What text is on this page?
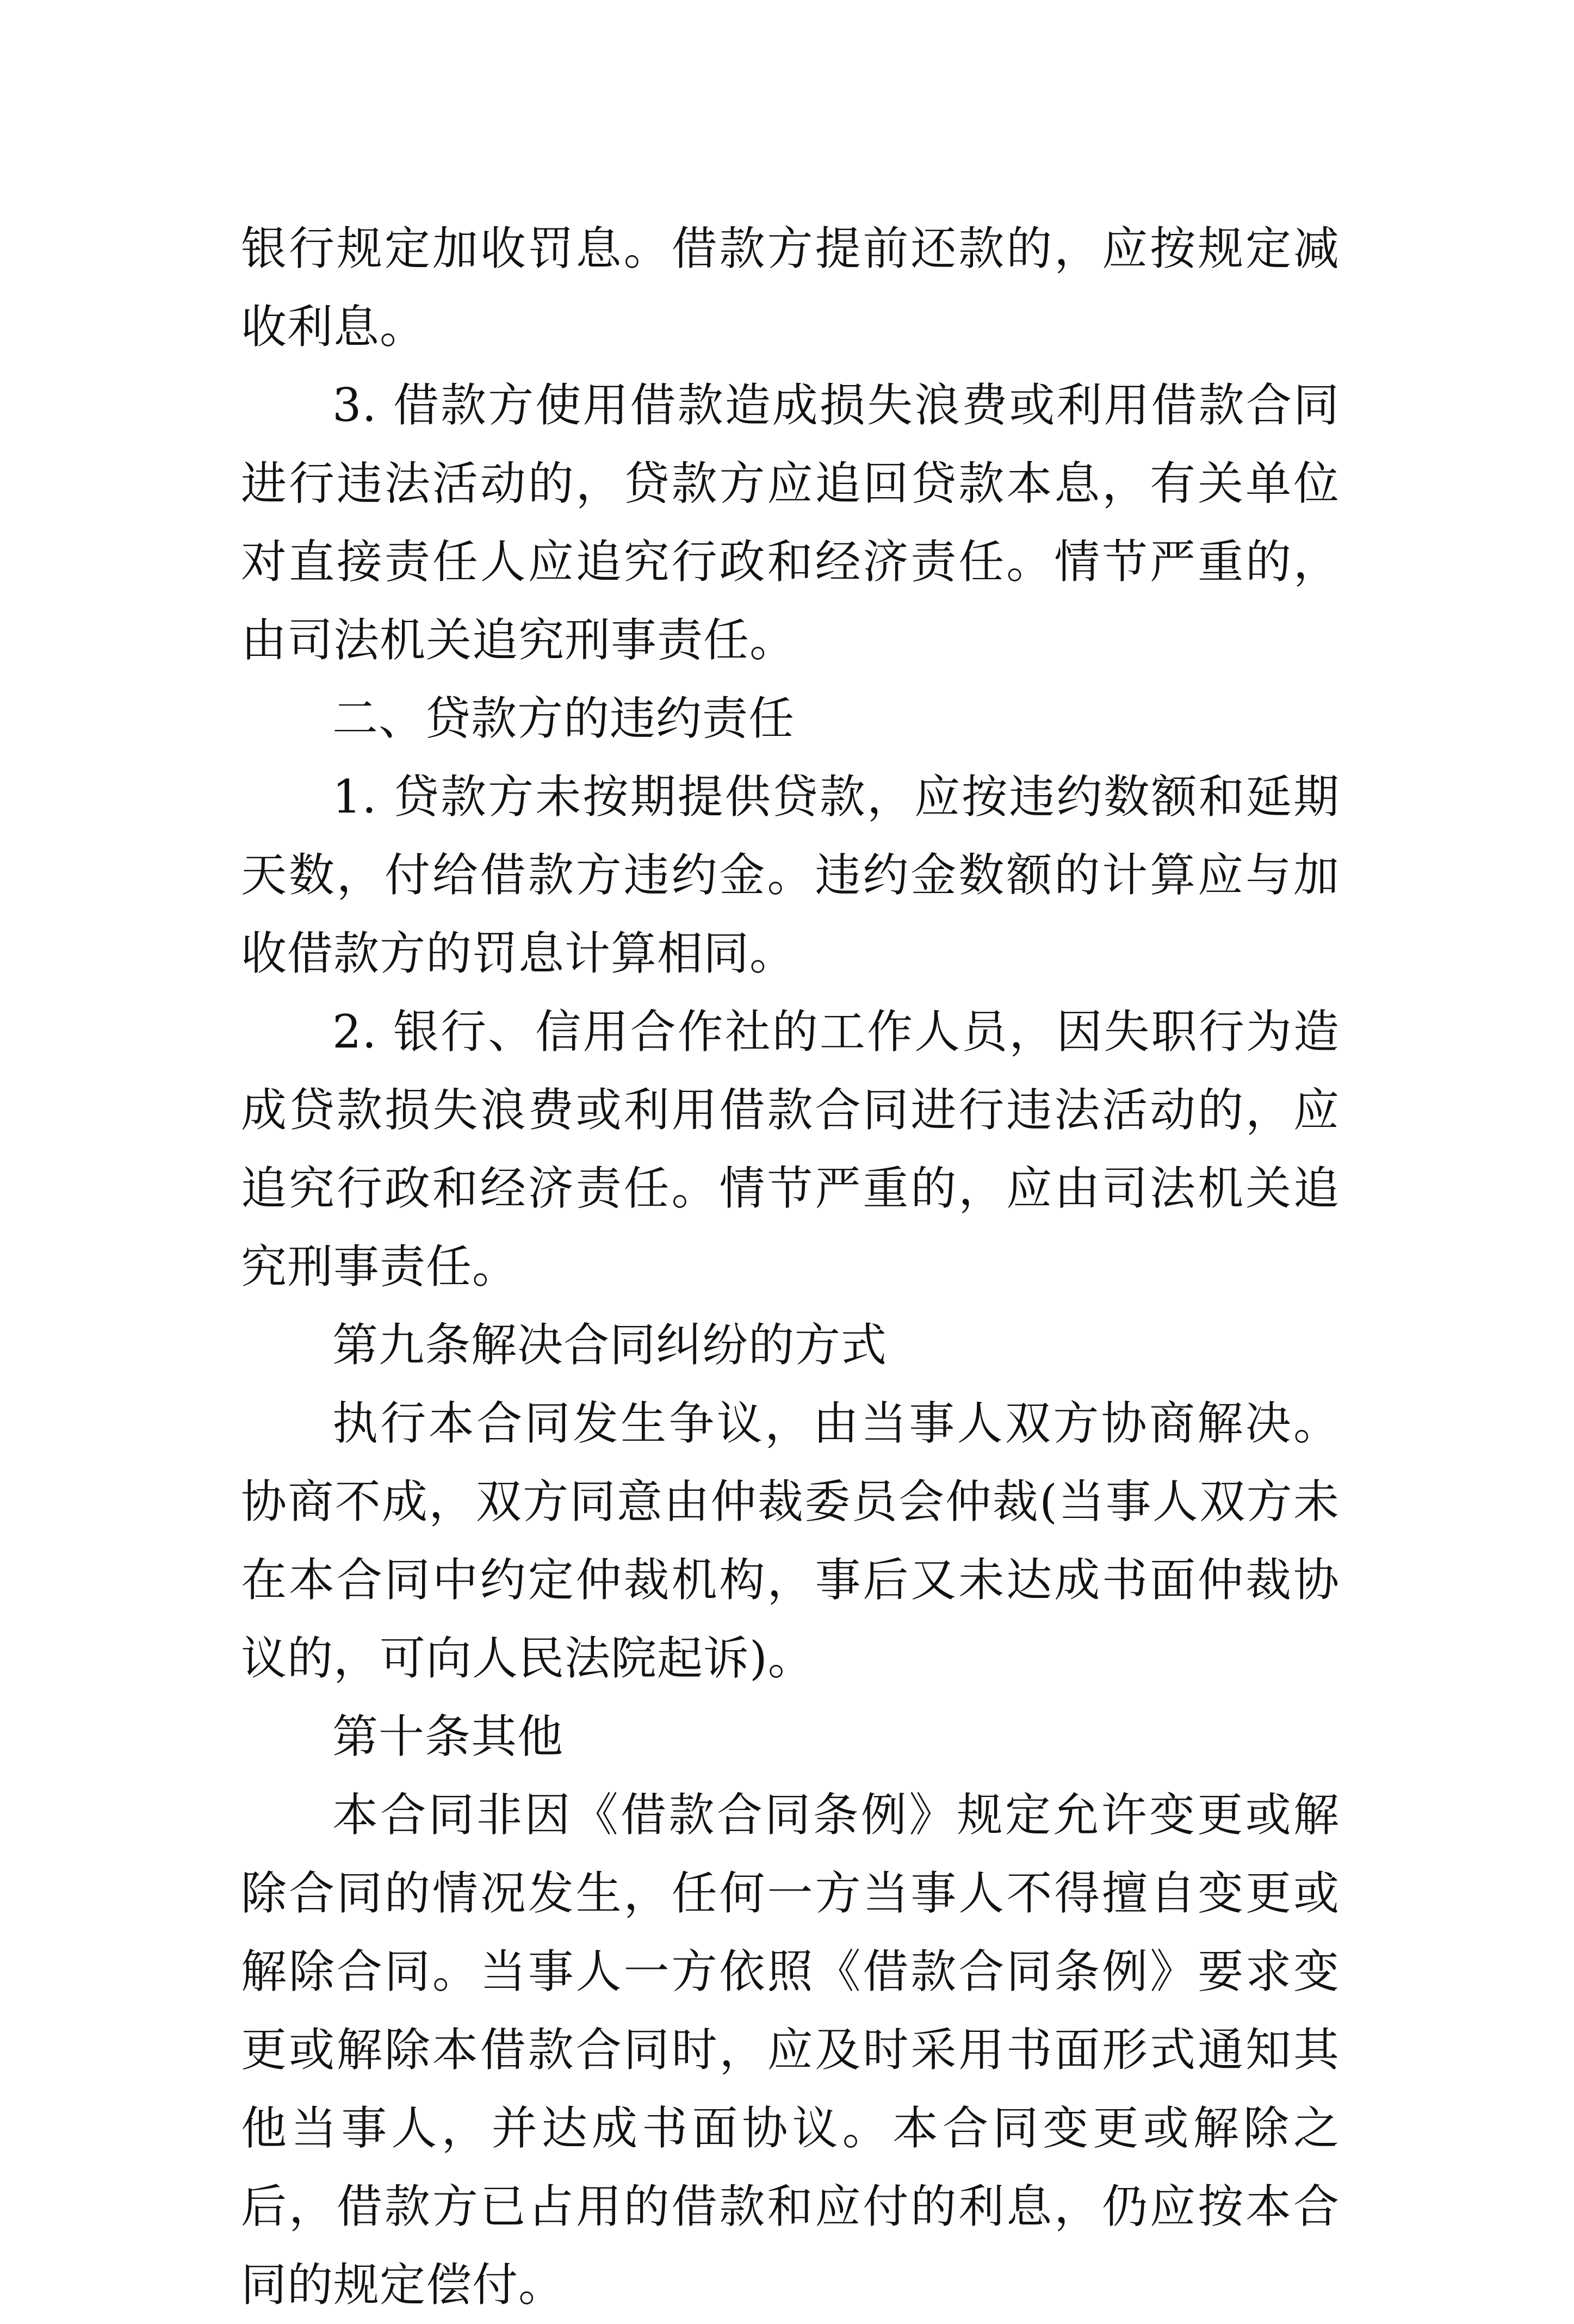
银行规定加收罚息。借款方提前还款的，应按规定减收利息。

3. 借款方使用借款造成损失浪费或利用借款合同进行违法活动的，贷款方应追回贷款本息，有关单位对直接责任人应追究行政和经济责任。情节严重的，由司法机关追究刑事责任。

二、贷款方的违约责任

1. 贷款方未按期提供贷款，应按违约数额和延期天数，付给借款方违约金。违约金数额的计算应与加收借款方的罚息计算相同。

2. 银行、信用合作社的工作人员，因失职行为造成贷款损失浪费或利用借款合同进行违法活动的，应追究行政和经济责任。情节严重的，应由司法机关追究刑事责任。

第九条解决合同纠纷的方式

执行本合同发生争议，由当事人双方协商解决。协商不成，双方同意由仲裁委员会仲裁(当事人双方未在本合同中约定仲裁机构，事后又未达成书面仲裁协议的，可向人民法院起诉)。

第十条其他

本合同非因《借款合同条例》规定允许变更或解除合同的情况发生，任何一方当事人不得擅自变更或解除合同。当事人一方依照《借款合同条例》要求变更或解除本借款合同时，应及时采用书面形式通知其他当事人，并达成书面协议。本合同变更或解除之后，借款方已占用的借款和应付的利息，仍应按本合同的规定偿付。
